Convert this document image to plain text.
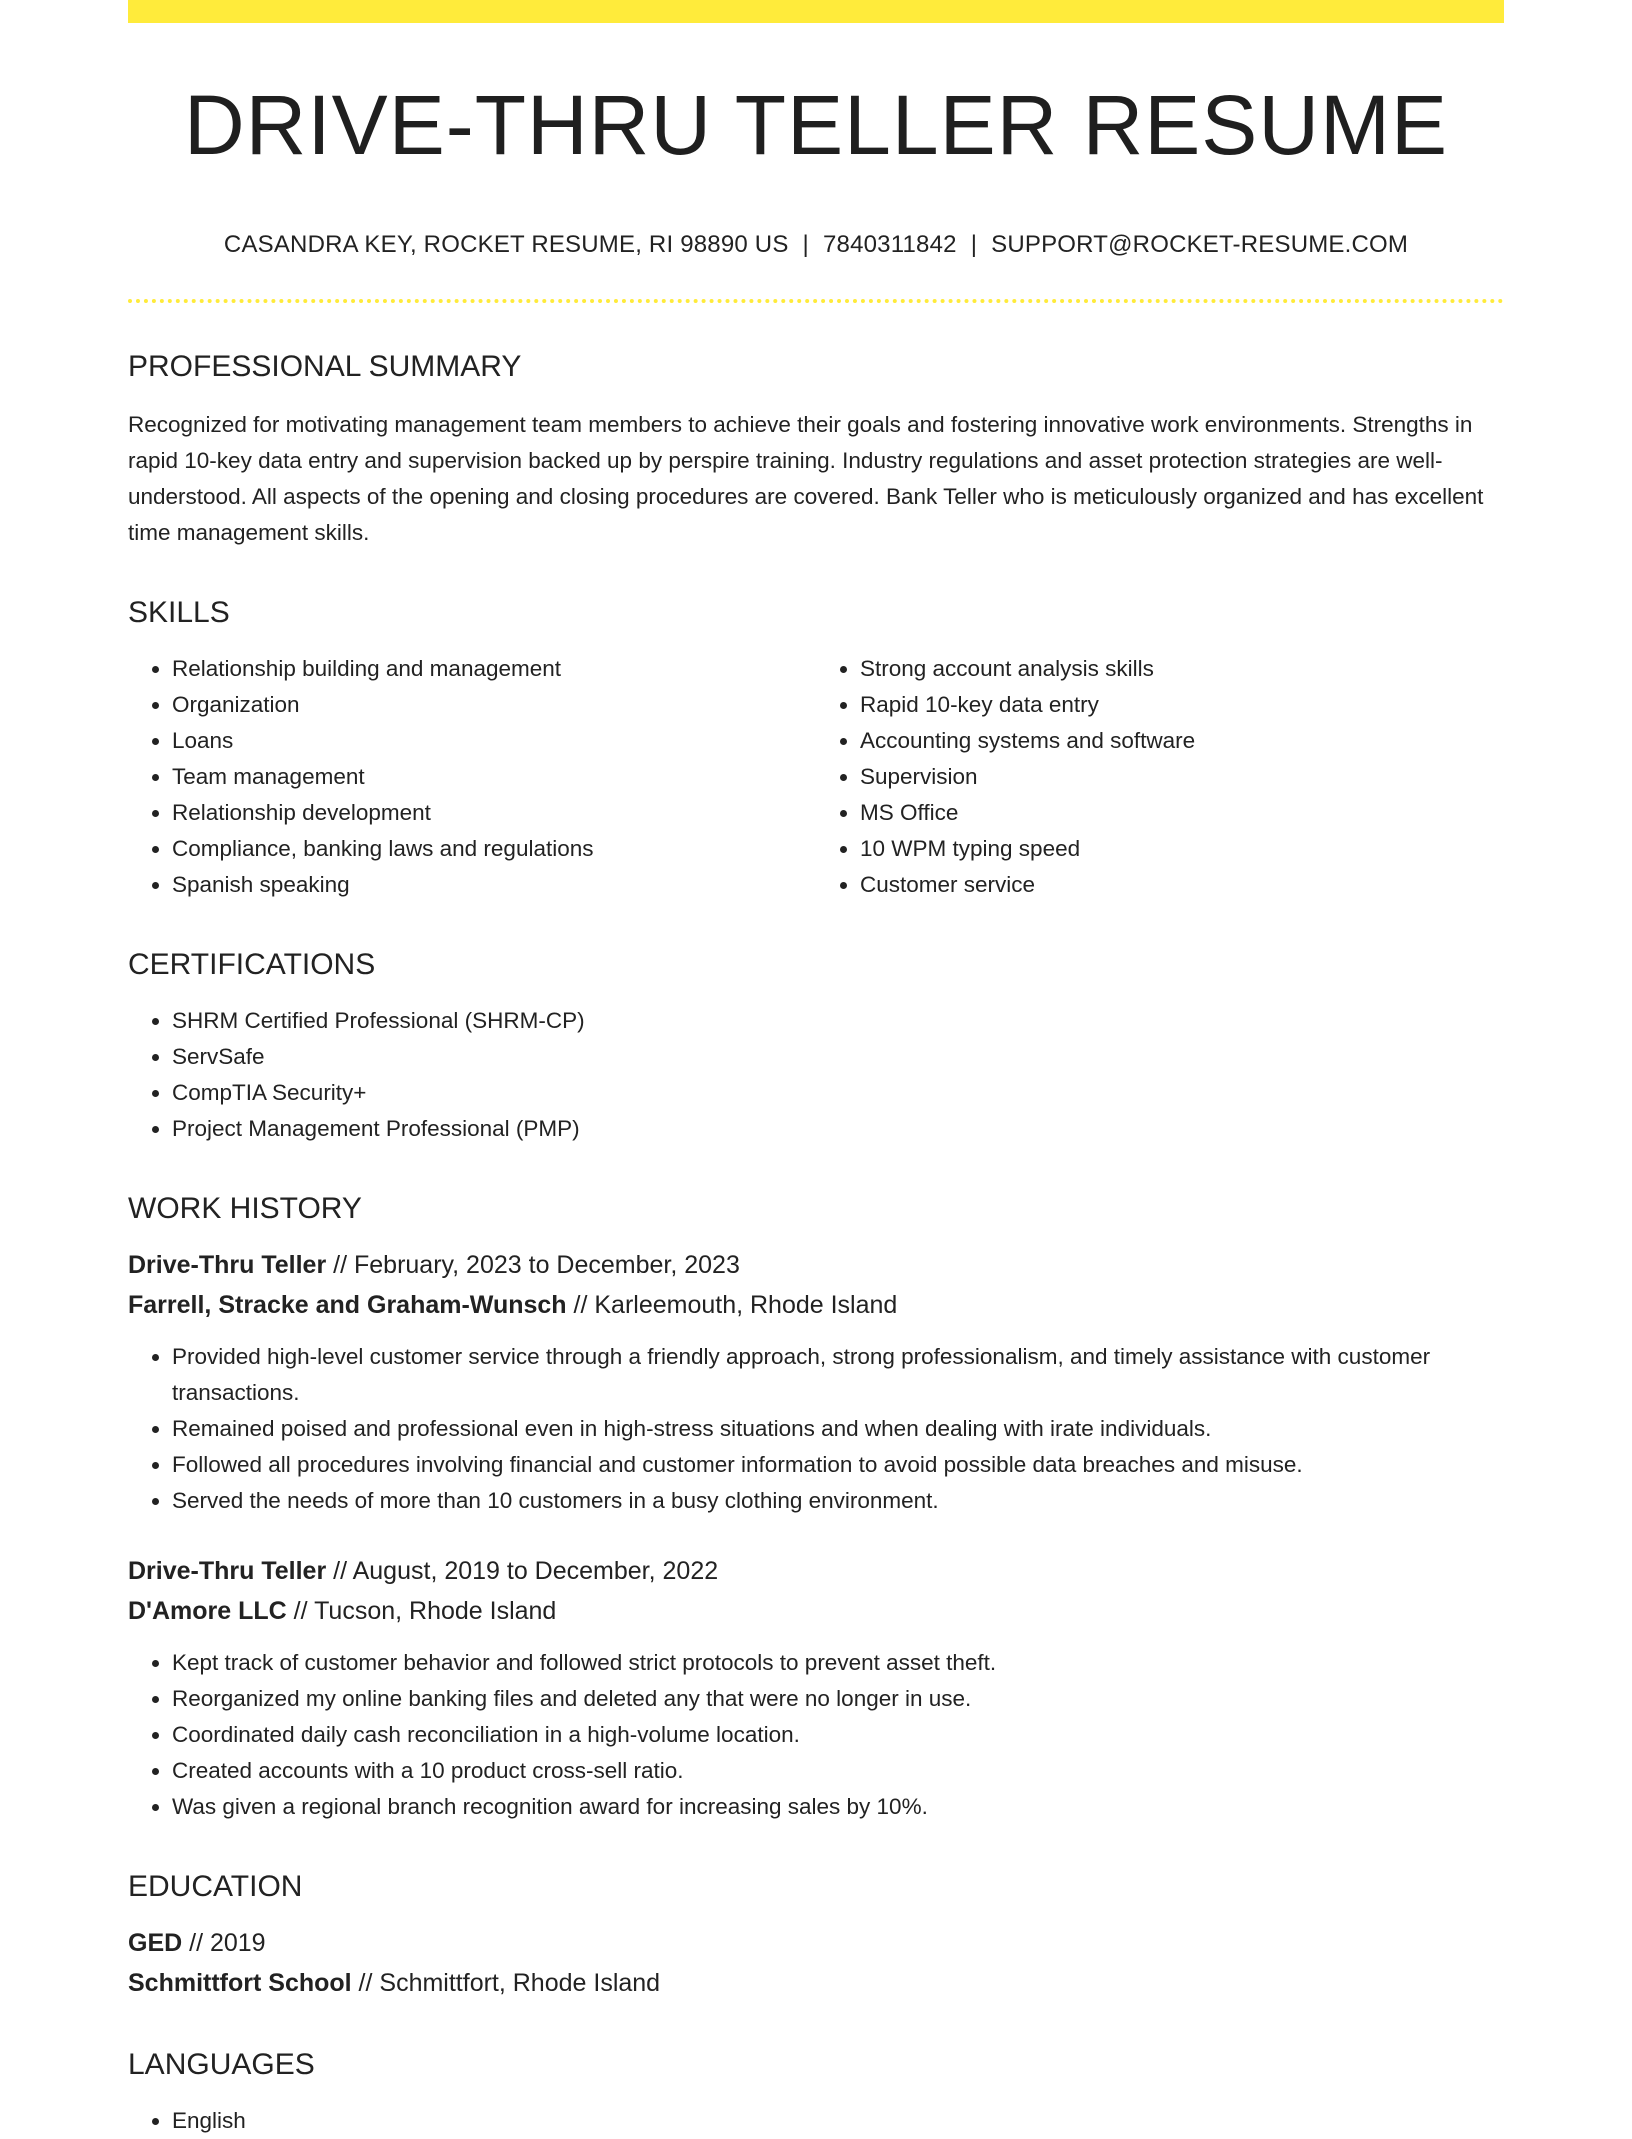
DRIVE-THRU TELLER RESUME
CASANDRA KEY, ROCKET RESUME, RI 98890 US | 7840311842 | SUPPORT@ROCKET-RESUME.COM
PROFESSIONAL SUMMARY
Recognized for motivating management team members to achieve their goals and fostering innovative work environments. Strengths in rapid 10-key data entry and supervision backed up by perspire training. Industry regulations and asset protection strategies are well-understood. All aspects of the opening and closing procedures are covered. Bank Teller who is meticulously organized and has excellent time management skills.
SKILLS
• Relationship building and management
• Organization
• Loans
• Team management
• Relationship development
• Compliance, banking laws and regulations
• Spanish speaking
• Strong account analysis skills
• Rapid 10-key data entry
• Accounting systems and software
• Supervision
• MS Office
• 10 WPM typing speed
• Customer service
CERTIFICATIONS
• SHRM Certified Professional (SHRM-CP)
• ServSafe
• CompTIA Security+
• Project Management Professional (PMP)
WORK HISTORY
Drive-Thru Teller // February, 2023 to December, 2023
Farrell, Stracke and Graham-Wunsch // Karleemouth, Rhode Island
• Provided high-level customer service through a friendly approach, strong professionalism, and timely assistance with customer transactions.
• Remained poised and professional even in high-stress situations and when dealing with irate individuals.
• Followed all procedures involving financial and customer information to avoid possible data breaches and misuse.
• Served the needs of more than 10 customers in a busy clothing environment.
Drive-Thru Teller // August, 2019 to December, 2022
D'Amore LLC // Tucson, Rhode Island
• Kept track of customer behavior and followed strict protocols to prevent asset theft.
• Reorganized my online banking files and deleted any that were no longer in use.
• Coordinated daily cash reconciliation in a high-volume location.
• Created accounts with a 10 product cross-sell ratio.
• Was given a regional branch recognition award for increasing sales by 10%.
EDUCATION
GED // 2019
Schmittfort School // Schmittfort, Rhode Island
LANGUAGES
• English
